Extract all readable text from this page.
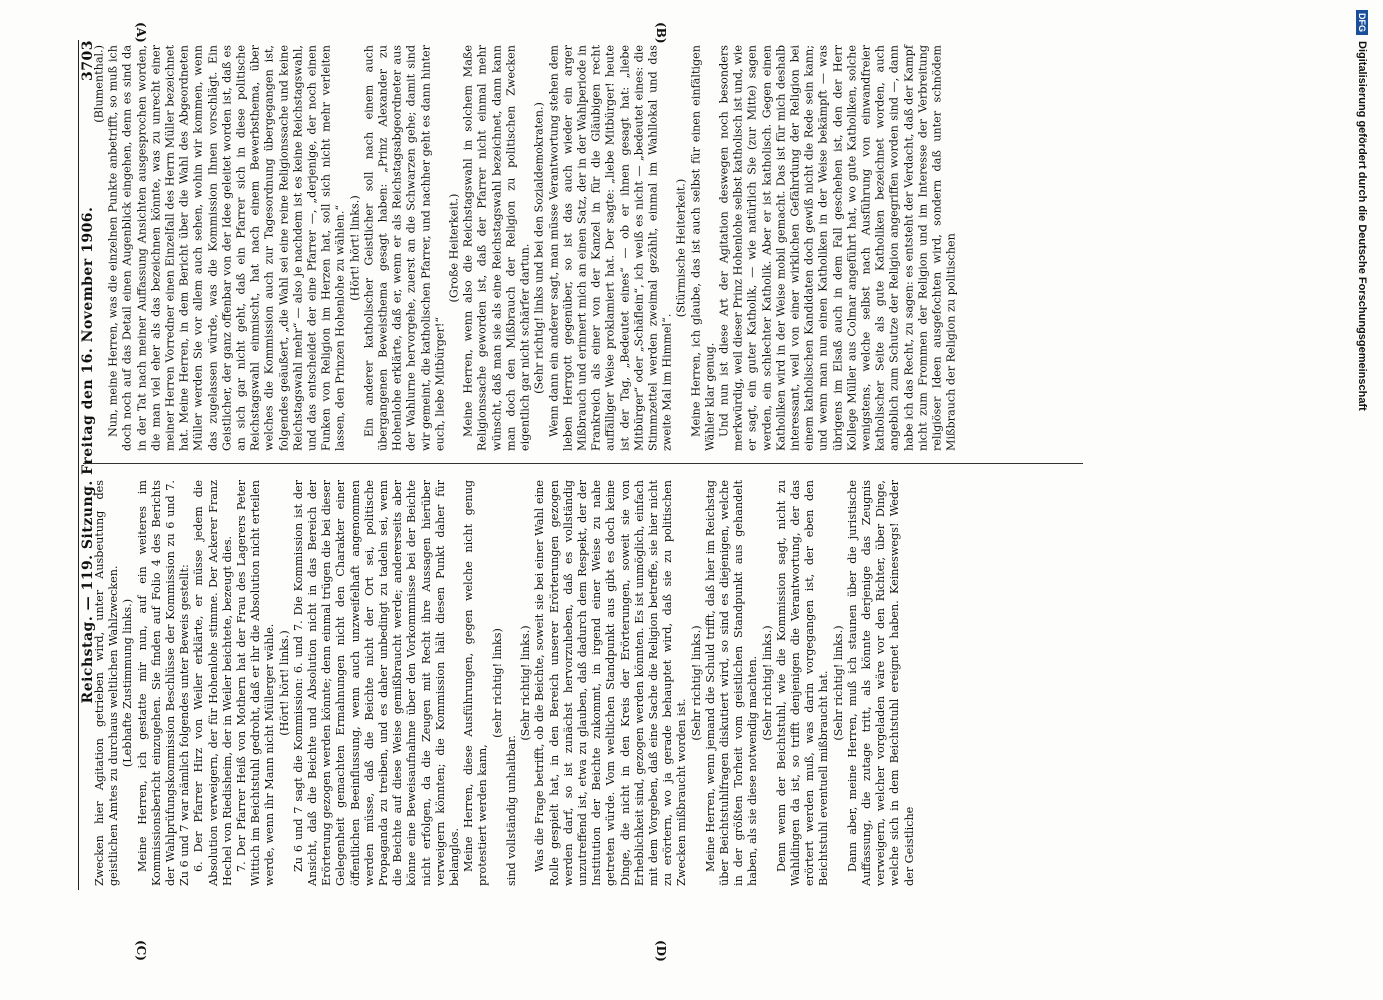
DFG
Digitalisierung gefördert durch die Deutsche Forschungsgemeinschaft
Reichstag. — 119. Sitzung. Freitag den 16. November 1906.
3703
(A)	(B)
(C)	(D)

(Blumenthal.) Nun, meine Herren, was die einzelnen Punkte anbetrifft, so muß ich doch noch auf das Detail einen Augenblick eingehen, denn es sind da in der Tat nach meiner Auffassung Ansichten ausgesprochen worden, die man viel eher als das bezeichnen könnte, was zu unrecht einer meiner Herren Vorredner einen Einzelfall des Herrn Müller bezeichnet hat. Meine Herren, in dem Bericht über die Wahl des Abgeordneten Müller werden Sie vor allem auch sehen, wohin wir kommen, wenn das zugelassen würde, was die Kommission Ihnen vorschlägt. Ein Geistlicher, der ganz offenbar von der Idee geleitet worden ist, daß es an sich gar nicht geht, daß ein Pfarrer sich in diese politische Reichstagswahl einmischt, hat nach einem Bewerbsthema, über welches die Kommission auch zur Tagesordnung übergegangen ist, folgendes geäußert, „die Wahl sei eine reine Religionssache und keine Reichstagswahl mehr“ — also je nachdem ist es keine Reichstagswahl, und das entscheidet der eine Pfarrer —, „derjenige, der noch einen Funken von Religion im Herzen hat, soll sich nicht mehr verleiten lassen, den Prinzen Hohenlohe zu wählen.“ (Hört! hört! links.) Ein anderer katholischer Geistlicher soll nach einem auch übergangenen Beweisthema gesagt haben: „Prinz Alexander zu Hohenlohe erklärte, daß er, wenn er als Reichstagsabgeordneter aus der Wahlurne hervorgehe, zuerst an die Schwarzen gehe; damit sind wir gemeint, die katholischen Pfarrer, und nachher geht es dann hinter euch, liebe Mitbürger!“

(Große Heiterkeit.) Meine Herren, wenn also die Reichstagswahl in solchem Maße Religionssache geworden ist, daß der Pfarrer nicht einmal mehr wünscht, daß man sie als eine Reichstagswahl bezeichnet, dann kann man doch den Mißbrauch der Religion zu politischen Zwecken eigentlich gar nicht schärfer dartun. (Sehr richtig! links und bei den Sozialdemokraten.) Wenn dann ein anderer sagt, man müsse Verantwortung stehen dem lieben Herrgott gegenüber, so ist das auch wieder ein arger Mißbrauch und erinnert mich an einen Satz, der in der Wahlperiode in Frankreich als einer von der Kanzel in für die Gläubigen recht auffälliger Weise proklamiert hat. Der sagte: „liebe Mitbürger! heute ist der Tag, „Bedeutet eines“ — ob er ihnen gesagt hat: „liebe Mitbürger“ oder „Schäflein“, ich weiß es nicht — „bedeutet eines: die Stimmzettel werden zweimal gezählt, einmal im Wahllokal und das zweite Mal im Himmel“.

(Stürmische Heiterkeit.) Meine Herren, ich glaube, das ist auch selbst für einen einfältigen Wähler klar genug. Und nun ist diese Art der Agitation deswegen noch besonders merkwürdig, weil dieser Prinz Hohenlohe selbst katholisch ist und, wie er sagt, ein guter Katholik, — wie natürlich Sie (zur Mitte) sagen werden, ein schlechter Katholik. Aber er ist katholisch. Gegen einen Katholiken wird in der Weise mobil gemacht. Das ist für mich deshalb interessant, weil von einer wirklichen Gefährdung der Religion bei einem katholischen Kandidaten doch gewiß nicht die Rede sein kann; und wenn man nun einen Katholiken in der Weise bekämpft — was übrigens im Elsaß auch in dem Fall geschehen ist, den der Herr Kollege Müller aus Colmar angeführt hat, wo gute Katholiken, solche wenigstens, welche selbst nach Ausführung von einwandfreier katholischer Seite als gute Katholiken bezeichnet worden, auch angeblich zum Schutze der Religion angegriffen worden sind —, dann habe ich das Recht, zu sagen: es entsteht der Verdacht, daß der Kampf nicht zum Frommen der Religion und im Interesse der Verbreitung religiöser Ideen ausgefochten wird, sondern daß unter schnödem Mißbrauch der Religion zu politischen

Zwecken hier Agitation getrieben wird, unter Ausbeutung des geistlichen Amtes zu durchaus weltlichen Wahlzwecken. (Lebhafte Zustimmung links.) Meine Herren, ich gestatte mir nun, auf ein weiteres im Kommissionsbericht einzugehen. Sie finden auf Folio 4 des Berichts der Wahlprüfungskommission Beschlüsse der Kommission zu 6 und 7. Zu 6 und 7 war nämlich folgendes unter Beweis gestellt: 6. Der Pfarrer Hirz von Weiler erklärte, er müsse jedem die Absolution verweigern, der für Hohenlohe stimme. Der Ackerer Franz Hechel von Riedisheim, der in Weiler beichtete, bezeugt dies. 7. Der Pfarrer Heiß von Mothern hat der Frau des Lagerers Peter Wittich im Beichtstuhl gedroht, daß er ihr die Absolution nicht erteilen werde, wenn ihr Mann nicht Müllerger wähle. (Hört! hört! links.) Zu 6 und 7 sagt die Kommission: 6. und 7. Die Kommission ist der Ansicht, daß die Beichte und Absolution nicht in das Bereich der Erörterung gezogen werden könnte; denn einmal trügen die bei dieser Gelegenheit gemachten Ermahnungen nicht den Charakter einer öffentlichen Beeinflussung, wenn auch unzweifelhaft angenommen werden müsse, daß die Beichte nicht der Ort sei, politische Propaganda zu treiben, und es daher unbedingt zu tadeln sei, wenn die Beichte auf diese Weise gemißbraucht werde; andererseits aber könne eine Beweisaufnahme über den Vorkommnisse bei der Beichte nicht erfolgen, da die Zeugen mit Recht ihre Aussagen hierüber verweigern könnten; die Kommission hält diesen Punkt daher für belanglos. Meine Herren, diese Ausführungen, gegen welche nicht genug protestiert werden kann,

(sehr richtig! links)

sind vollständig unhaltbar.

(Sehr richtig! links.) Was die Frage betrifft, ob die Beichte, soweit sie bei einer Wahl eine Rolle gespielt hat, in den Bereich unserer Erörterungen gezogen werden darf, so ist zunächst hervorzuheben, daß es vollständig unzutreffend ist, etwa zu glauben, daß dadurch dem Respekt, der der Institution der Beichte zukommt, in irgend einer Weise zu nahe getreten würde. Vom weltlichen Standpunkt aus gibt es doch keine Dinge, die nicht in den Kreis der Erörterungen, soweit sie von Erheblichkeit sind, gezogen werden könnten. Es ist unmöglich, einfach mit dem Vorgeben, daß eine Sache die Religion betreffe, sie hier nicht zu erörtern, wo ja gerade behauptet wird, daß sie zu politischen Zwecken mißbraucht worden ist.

(Sehr richtig! links.) Meine Herren, wenn jemand die Schuld trifft, daß hier im Reichstag über Beichtstuhlfragen diskutiert wird, so sind es diejenigen, welche in der größten Torheit vom geistlichen Standpunkt aus gehandelt haben, als sie diese notwendig machten. (Sehr richtig! links.) Denn wenn der Beichtstuhl, wie die Kommission sagt, nicht zu Wahldingen da ist, so trifft denjenigen die Verantwortung, der das erörtert werden muß, was darin vorgegangen ist, der eben den Beichtstuhl eventuell mißbraucht hat. (Sehr richtig! links.) Dann aber, meine Herren, muß ich staunen über die juristische Auffassung, die zutage tritt, als könnte derjenige das Zeugnis verweigern, welcher vorgeladen wäre vor den Richter, über Dinge, welche sich in dem Beichtstuhl ereignet haben. Keineswegs! Weder der Geistliche
